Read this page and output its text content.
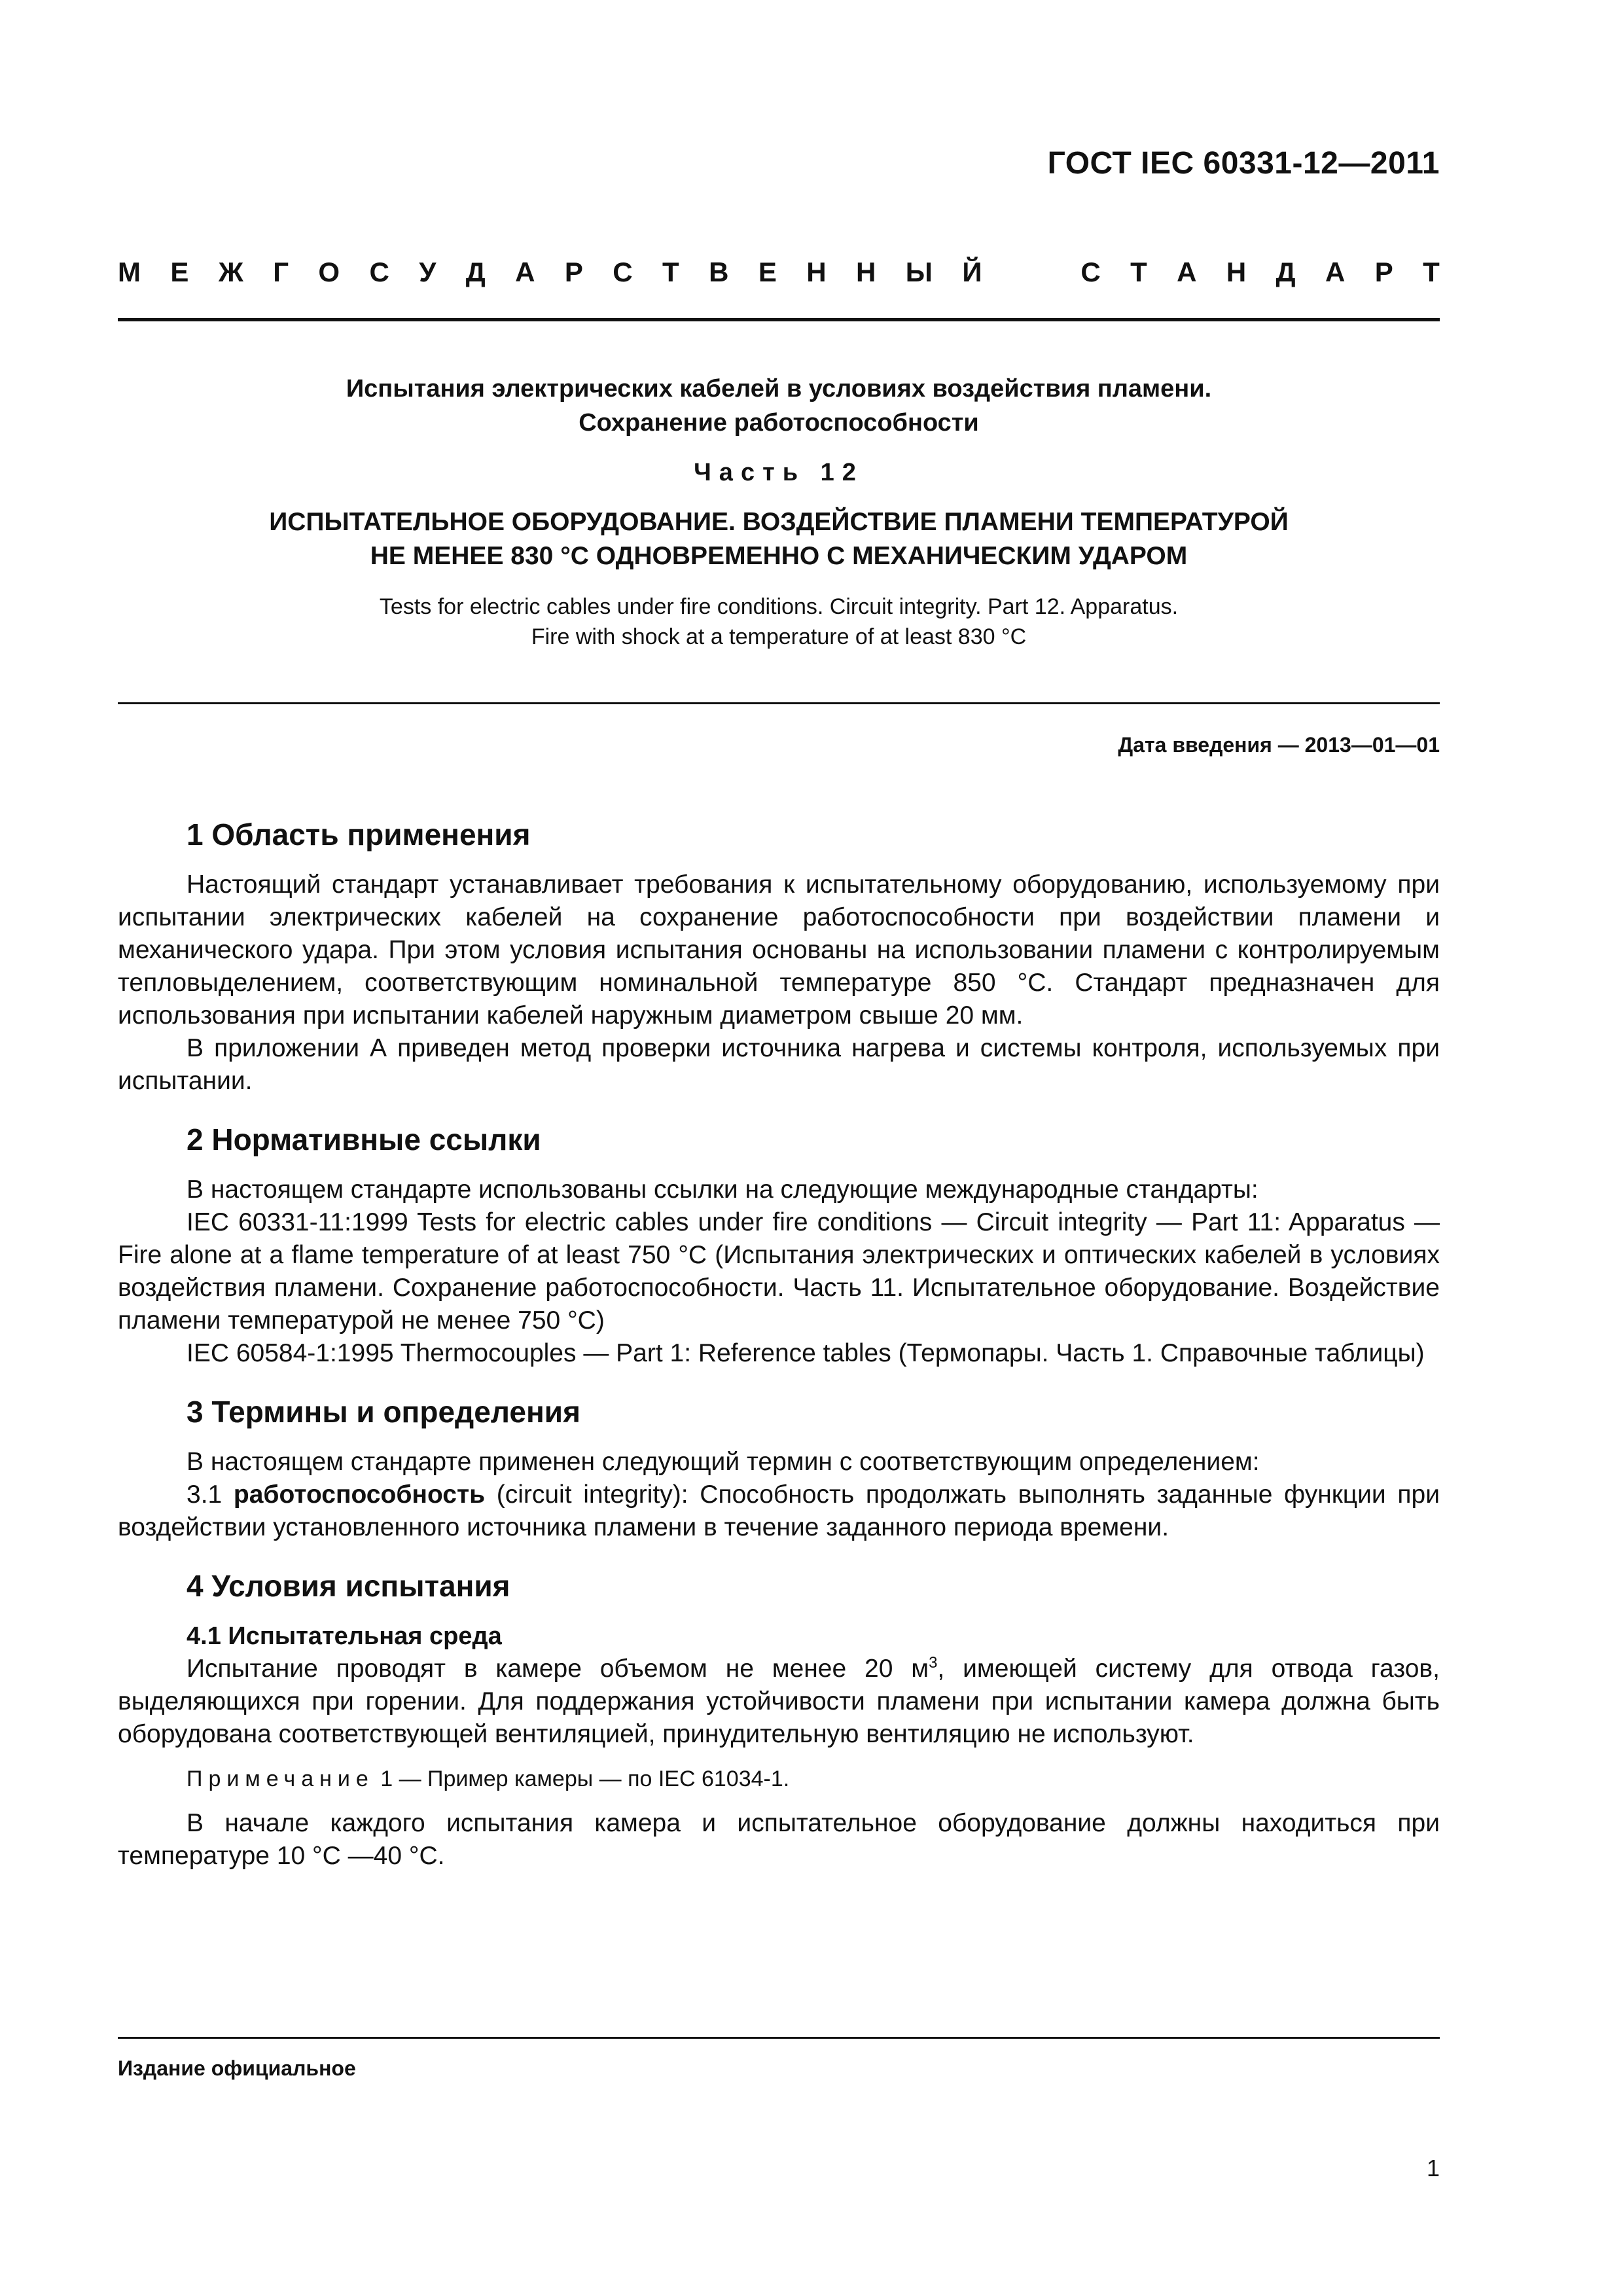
ГОСТ IEC 60331-12—2011
М Е Ж Г О С У Д А Р С Т В Е Н Н Ы Й	С Т А Н Д А Р Т
Испытания электрических кабелей в условиях воздействия пламени.
Сохранение работоспособности
Часть 12
ИСПЫТАТЕЛЬНОЕ ОБОРУДОВАНИЕ. ВОЗДЕЙСТВИЕ ПЛАМЕНИ ТЕМПЕРАТУРОЙ
НЕ МЕНЕЕ 830 °С ОДНОВРЕМЕННО С МЕХАНИЧЕСКИМ УДАРОМ
Tests for electric cables under fire conditions. Circuit integrity. Part 12. Apparatus.
Fire with shock at a temperature of at least 830 °C
Дата введения — 2013—01—01
1 Область применения

Настоящий стандарт устанавливает требования к испытательному оборудованию, используемому при испытании электрических кабелей на сохранение работоспособности при воздействии пламени и механического удара. При этом условия испытания основаны на использовании пламени с контролируемым тепловыделением, соответствующим номинальной температуре 850 °С. Стандарт предназначен для использования при испытании кабелей наружным диаметром свыше 20 мм.

В приложении А приведен метод проверки источника нагрева и системы контроля, используемых при испытании.

2 Нормативные ссылки

В настоящем стандарте использованы ссылки на следующие международные стандарты:

IEC 60331-11:1999 Tests for electric cables under fire conditions — Circuit integrity — Part 11: Apparatus — Fire alone at a flame temperature of at least 750 °C (Испытания электрических и оптических кабелей в условиях воздействия пламени. Сохранение работоспособности. Часть 11. Испытательное оборудование. Воздействие пламени температурой не менее 750 °С)

IEC 60584-1:1995 Thermocouples — Part 1: Reference tables (Термопары. Часть 1. Справочные таблицы)

3 Термины и определения

В настоящем стандарте применен следующий термин с соответствующим определением:

3.1 работоспособность (circuit integrity): Способность продолжать выполнять заданные функции при воздействии установленного источника пламени в течение заданного периода времени.

4 Условия испытания
4.1 Испытательная среда

Испытание проводят в камере объемом не менее 20 $м^3$, имеющей систему для отвода газов, выделяющихся при горении. Для поддержания устойчивости пламени при испытании камера должна быть оборудована соответствующей вентиляцией, принудительную вентиляцию не используют.

Примечание 1 — Пример камеры — по IEC 61034-1.

В начале каждого испытания камера и испытательное оборудование должны находиться при температуре 10 °С —40 °С.

Издание официальное
1
